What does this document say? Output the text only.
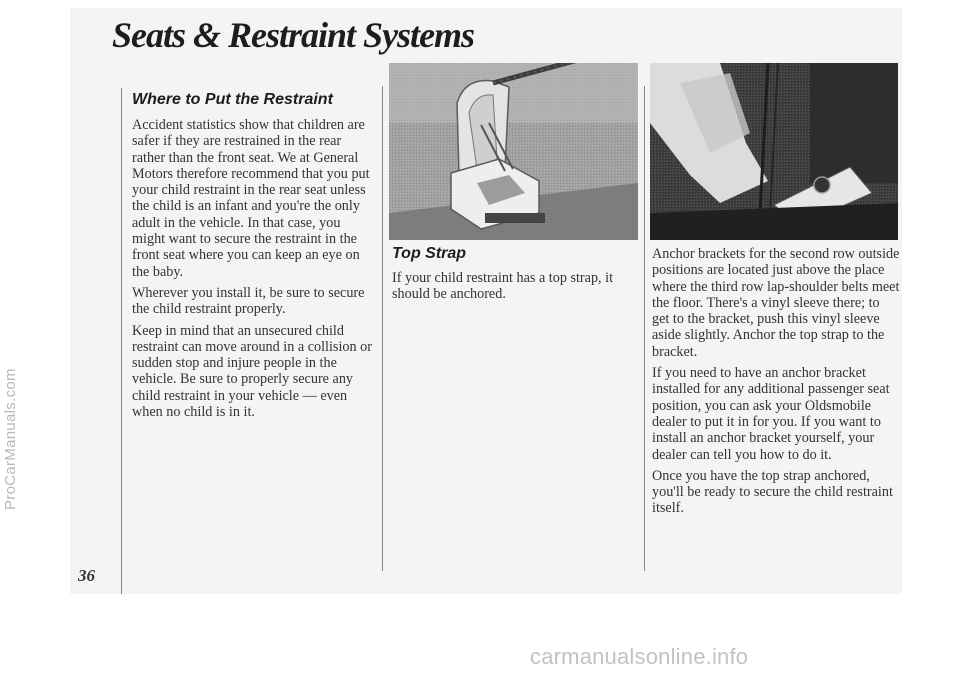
ProCarManuals.com
Seats & Restraint Systems
Where to Put the Restraint

Accident statistics show that children are safer if they are restrained in the rear rather than the front seat. We at General Motors therefore recommend that you put your child restraint in the rear seat unless the child is an infant and you're the only adult in the vehicle. In that case, you might want to secure the restraint in the front seat where you can keep an eye on the baby.

Wherever you install it, be sure to secure the child restraint properly.

Keep in mind that an unsecured child restraint can move around in a collision or sudden stop and injure people in the vehicle. Be sure to properly secure any child restraint in your vehicle — even when no child is in it.

Top Strap

If your child restraint has a top strap, it should be anchored.

Anchor brackets for the second row outside positions are located just above the place where the third row lap-shoulder belts meet the floor. There's a vinyl sleeve there; to get to the bracket, push this vinyl sleeve aside slightly. Anchor the top strap to the bracket.

If you need to have an anchor bracket installed for any additional passenger seat position, you can ask your Oldsmobile dealer to put it in for you. If you want to install an anchor bracket yourself, your dealer can tell you how to do it.

Once you have the top strap anchored, you'll be ready to secure the child restraint itself.

36
carmanualsonline.info
